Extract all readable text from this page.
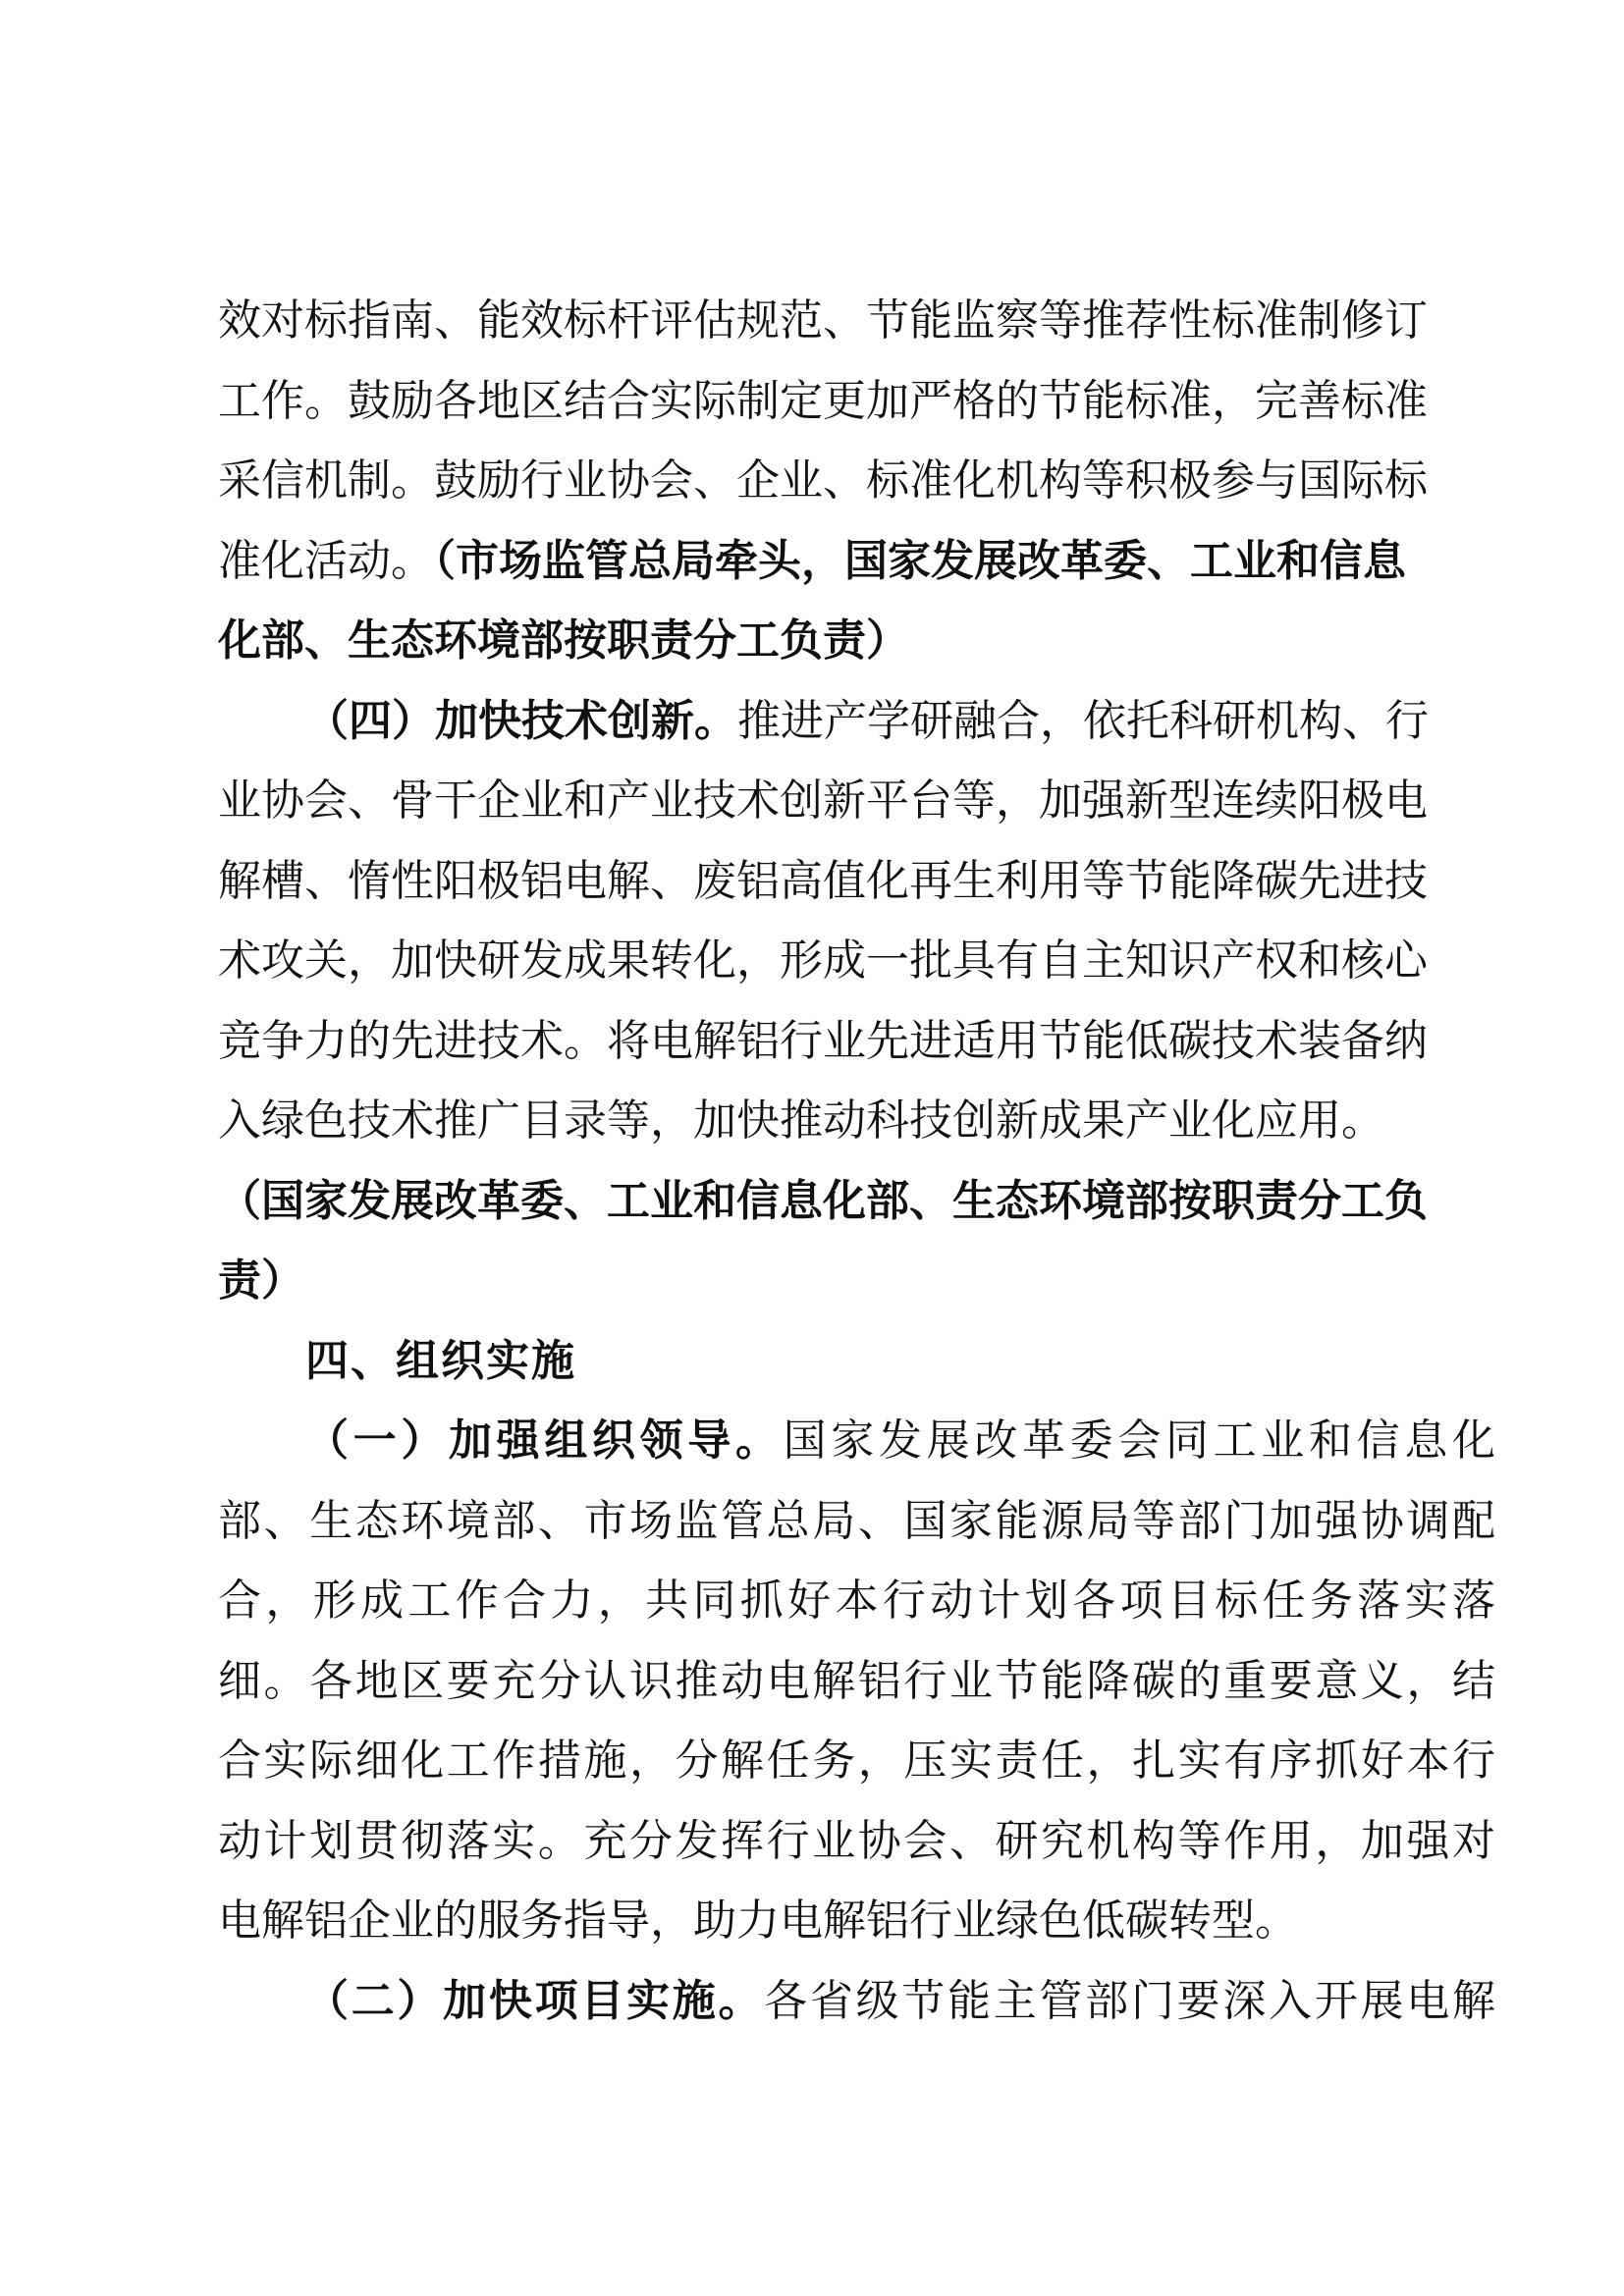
效对标指南、能效标杆评估规范、节能监察等推荐性标准制修订
工作。鼓励各地区结合实际制定更加严格的节能标准，完善标准
采信机制。鼓励行业协会、企业、标准化机构等积极参与国际标
准化活动。（市场监管总局牵头，国家发展改革委、工业和信息
化部、生态环境部按职责分工负责）
（四）加快技术创新。推进产学研融合，依托科研机构、行
业协会、骨干企业和产业技术创新平台等，加强新型连续阳极电
解槽、惰性阳极铝电解、废铝高值化再生利用等节能降碳先进技
术攻关，加快研发成果转化，形成一批具有自主知识产权和核心
竞争力的先进技术。将电解铝行业先进适用节能低碳技术装备纳
入绿色技术推广目录等，加快推动科技创新成果产业化应用。
（国家发展改革委、工业和信息化部、生态环境部按职责分工负
责）
四、组织实施
（一）加强组织领导。国家发展改革委会同工业和信息化
部、生态环境部、市场监管总局、国家能源局等部门加强协调配
合，形成工作合力，共同抓好本行动计划各项目标任务落实落
细。各地区要充分认识推动电解铝行业节能降碳的重要意义，结
合实际细化工作措施，分解任务，压实责任，扎实有序抓好本行
动计划贯彻落实。充分发挥行业协会、研究机构等作用，加强对
电解铝企业的服务指导，助力电解铝行业绿色低碳转型。
（二）加快项目实施。各省级节能主管部门要深入开展电解
